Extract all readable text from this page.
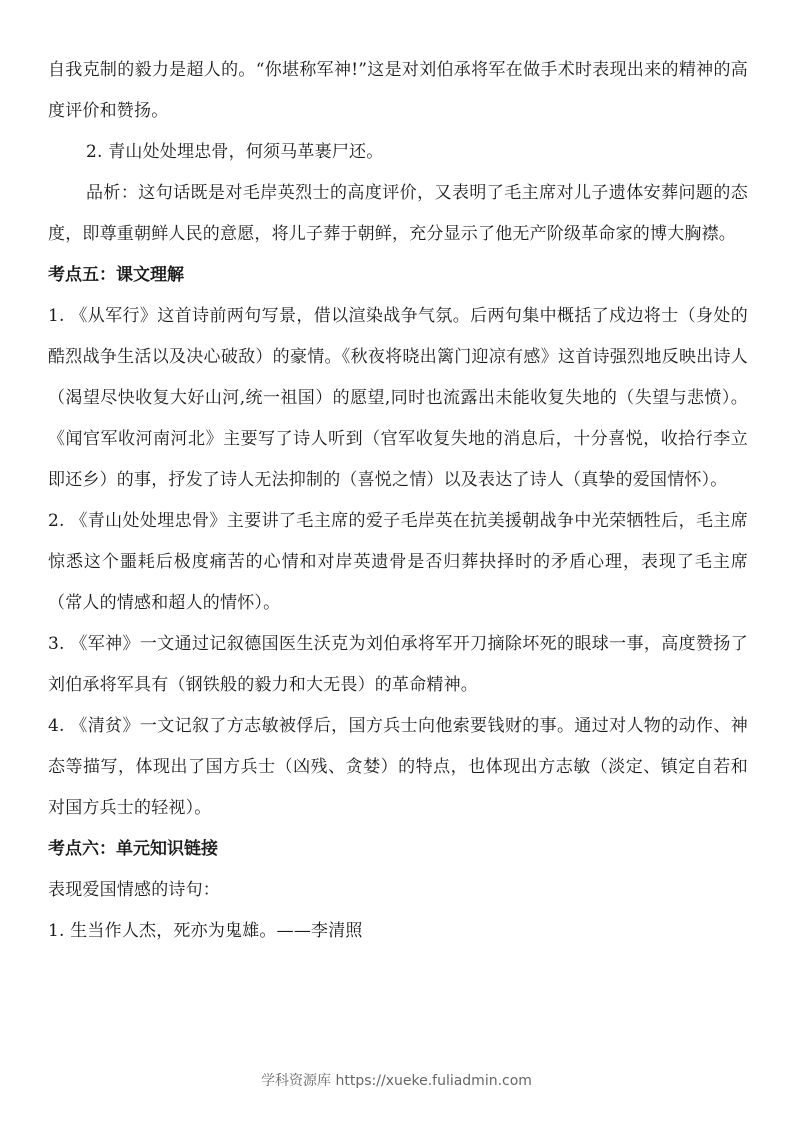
自我克制的毅力是超人的。“你堪称军神!”这是对刘伯承将军在做手术时表现出来的精神的高度评价和赞扬。

2. 青山处处埋忠骨，何须马革裹尸还。

品析：这句话既是对毛岸英烈士的高度评价，又表明了毛主席对儿子遗体安葬问题的态度，即尊重朝鲜人民的意愿，将儿子葬于朝鲜，充分显示了他无产阶级革命家的博大胸襟。

考点五：课文理解

1. 《从军行》这首诗前两句写景，借以渲染战争气氛。后两句集中概括了戍边将士（身处的酷烈战争生活以及决心破敌）的豪情。《秋夜将晓出篱门迎凉有感》这首诗强烈地反映出诗人（渴望尽快收复大好山河,统一祖国）的愿望,同时也流露出未能收复失地的（失望与悲愤）。《闻官军收河南河北》主要写了诗人听到（官军收复失地的消息后，十分喜悦，收拾行李立即还乡）的事，抒发了诗人无法抑制的（喜悦之情）以及表达了诗人（真挚的爱国情怀）。

2. 《青山处处埋忠骨》主要讲了毛主席的爱子毛岸英在抗美援朝战争中光荣牺牲后，毛主席惊悉这个噩耗后极度痛苦的心情和对岸英遗骨是否归葬抉择时的矛盾心理，表现了毛主席（常人的情感和超人的情怀）。

3. 《军神》一文通过记叙德国医生沃克为刘伯承将军开刀摘除坏死的眼球一事，高度赞扬了刘伯承将军具有（钢铁般的毅力和大无畏）的革命精神。

4. 《清贫》一文记叙了方志敏被俘后，国方兵士向他索要钱财的事。通过对人物的动作、神态等描写，体现出了国方兵士（凶残、贪婪）的特点，也体现出方志敏（淡定、镇定自若和对国方兵士的轻视）。

考点六：单元知识链接

表现爱国情感的诗句：

1. 生当作人杰，死亦为鬼雄。——李清照

学科资源库 https://xueke.fuliadmin.com
